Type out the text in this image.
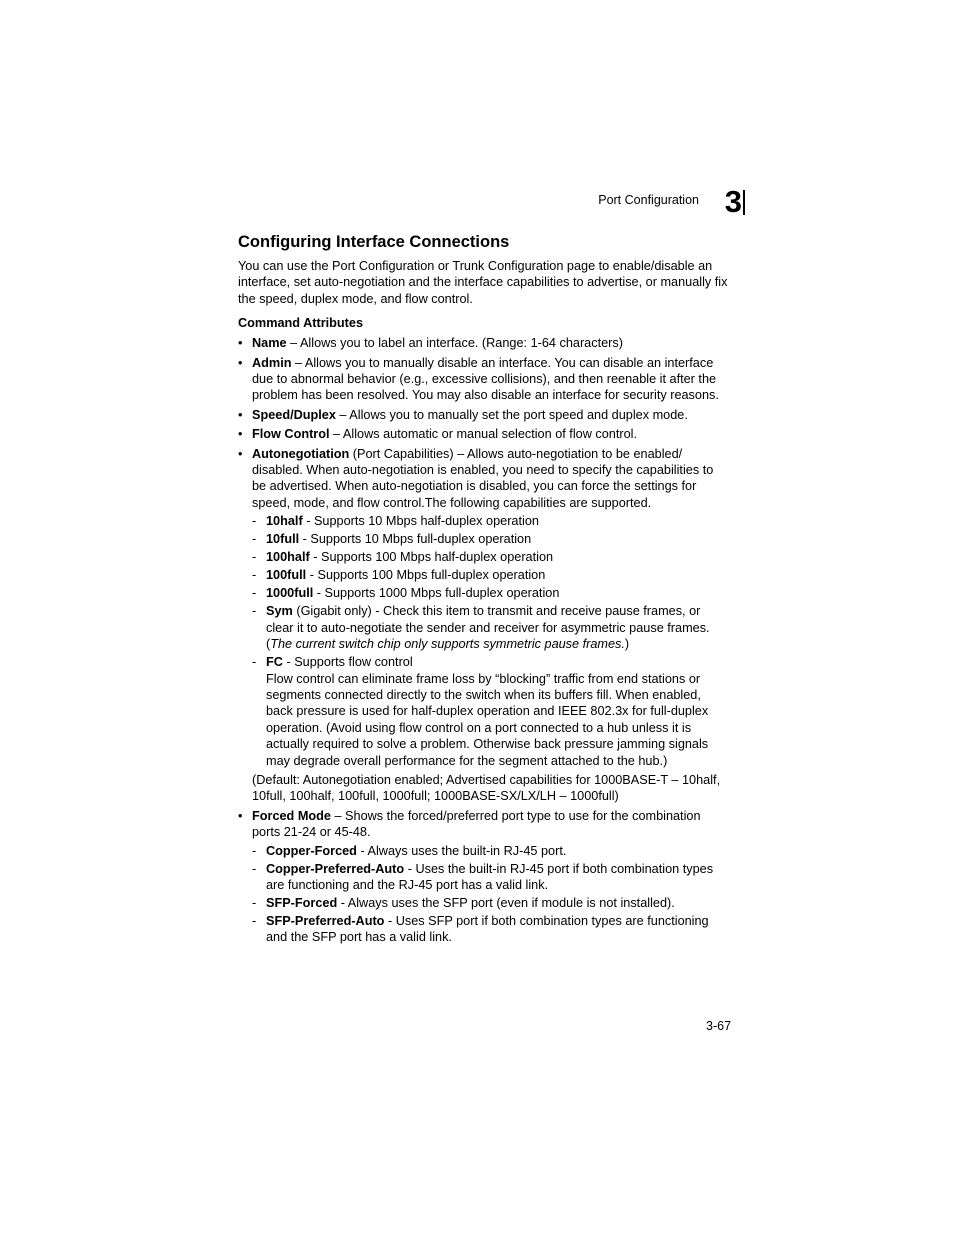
Port Configuration 3
Configuring Interface Connections

You can use the Port Configuration or Trunk Configuration page to enable/disable an interface, set auto-negotiation and the interface capabilities to advertise, or manually fix the speed, duplex mode, and flow control.

Command Attributes
• Name – Allows you to label an interface. (Range: 1-64 characters)
• Admin – Allows you to manually disable an interface. You can disable an interface due to abnormal behavior (e.g., excessive collisions), and then reenable it after the problem has been resolved. You may also disable an interface for security reasons.
• Speed/Duplex – Allows you to manually set the port speed and duplex mode.
• Flow Control – Allows automatic or manual selection of flow control.
• Autonegotiation (Port Capabilities) – Allows auto-negotiation to be enabled/ disabled. When auto-negotiation is enabled, you need to specify the capabilities to be advertised. When auto-negotiation is disabled, you can force the settings for speed, mode, and flow control.The following capabilities are supported.
- 10half - Supports 10 Mbps half-duplex operation
- 10full - Supports 10 Mbps full-duplex operation
- 100half - Supports 100 Mbps half-duplex operation
- 100full - Supports 100 Mbps full-duplex operation
- 1000full - Supports 1000 Mbps full-duplex operation
- Sym (Gigabit only) - Check this item to transmit and receive pause frames, or clear it to auto-negotiate the sender and receiver for asymmetric pause frames. (The current switch chip only supports symmetric pause frames.)
- FC - Supports flow control
Flow control can eliminate frame loss by “blocking” traffic from end stations or segments connected directly to the switch when its buffers fill. When enabled, back pressure is used for half-duplex operation and IEEE 802.3x for full-duplex operation. (Avoid using flow control on a port connected to a hub unless it is actually required to solve a problem. Otherwise back pressure jamming signals may degrade overall performance for the segment attached to the hub.)

(Default: Autonegotiation enabled; Advertised capabilities for 1000BASE-T – 10half, 10full, 100half, 100full, 1000full; 1000BASE-SX/LX/LH – 1000full)

• Forced Mode – Shows the forced/preferred port type to use for the combination ports 21-24 or 45-48.
- Copper-Forced - Always uses the built-in RJ-45 port.
- Copper-Preferred-Auto - Uses the built-in RJ-45 port if both combination types are functioning and the RJ-45 port has a valid link.
- SFP-Forced - Always uses the SFP port (even if module is not installed).
- SFP-Preferred-Auto - Uses SFP port if both combination types are functioning and the SFP port has a valid link.
3-67
